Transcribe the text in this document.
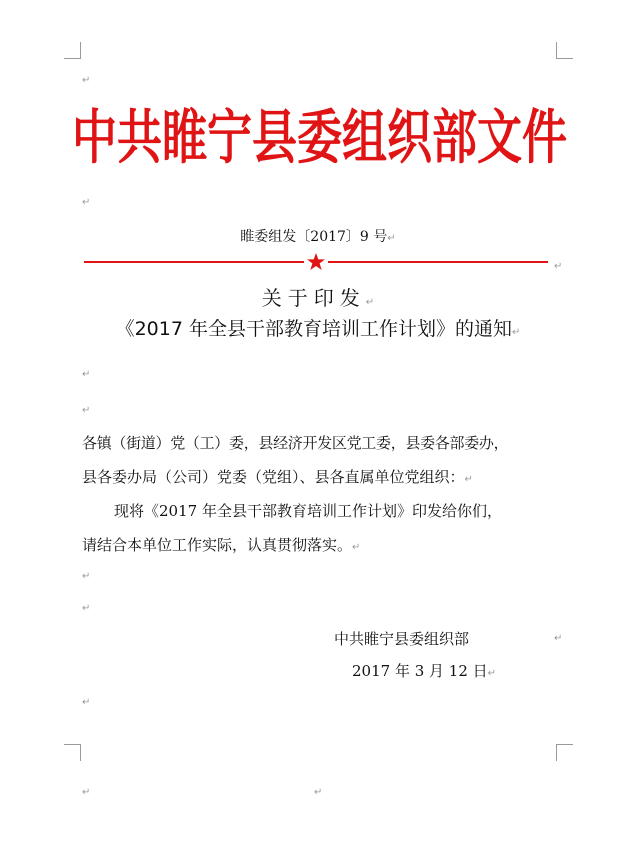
↵
中共睢宁县委组织部文件
↵
睢委组发〔2017〕9 号↵
↵
关于印发↵
《2017 年全县干部教育培训工作计划》的通知↵
↵
↵
各镇（街道）党（工）委，县经济开发区党工委，县委各部委办，
县各委办局（公司）党委（党组）、县各直属单位党组织：↵
现将《2017 年全县干部教育培训工作计划》印发给你们，
请结合本单位工作实际，认真贯彻落实。↵
↵
↵
中共睢宁县委组织部	↵
2017 年 3 月 12 日↵
↵
↵	↵
